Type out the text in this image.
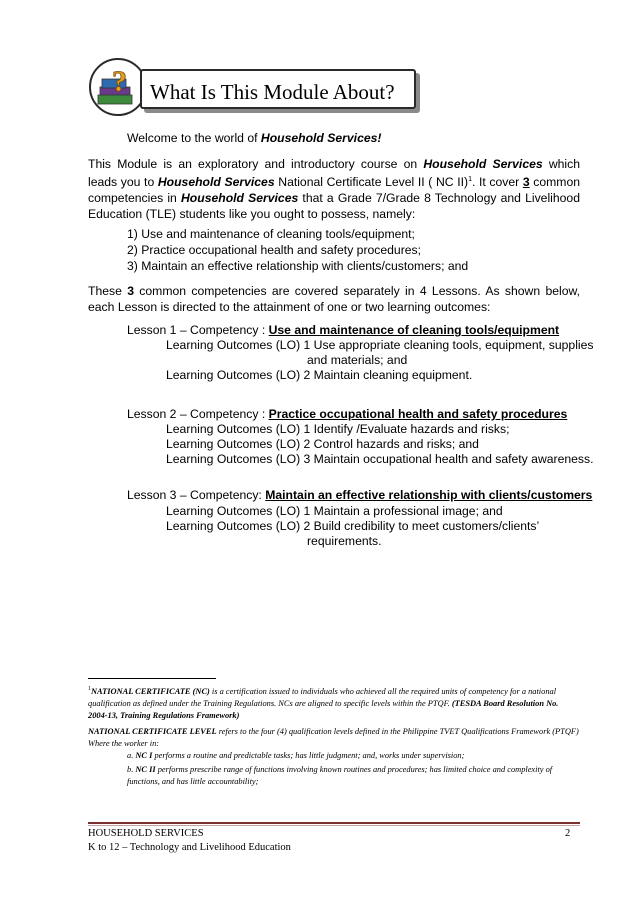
? What Is This Module About?
Welcome to the world of Household Services!
This Module is an exploratory and introductory course on Household Services which leads you to Household Services National Certificate Level II ( NC II)$^1$. It cover 3 common competencies in Household Services that a Grade 7/Grade 8 Technology and Livelihood Education (TLE) students like you ought to possess, namely:
1) Use and maintenance of cleaning tools/equipment;
2) Practice occupational health and safety procedures;
3) Maintain an effective relationship with clients/customers; and
These 3 common competencies are covered separately in 4 Lessons. As shown below, each Lesson is directed to the attainment of one or two learning outcomes:
Lesson 1 – Competency : Use and maintenance of cleaning tools/equipment
Learning Outcomes (LO) 1 Use appropriate cleaning tools, equipment, supplies
and materials; and
Learning Outcomes (LO) 2 Maintain cleaning equipment.
Lesson 2 – Competency : Practice occupational health and safety procedures
Learning Outcomes (LO) 1 Identify /Evaluate hazards and risks;
Learning Outcomes (LO) 2 Control hazards and risks; and
Learning Outcomes (LO) 3 Maintain occupational health and safety awareness.
Lesson 3 – Competency: Maintain an effective relationship with clients/customers
Learning Outcomes (LO) 1 Maintain a professional image; and
Learning Outcomes (LO) 2 Build credibility to meet customers/clients’
requirements.
$^1$NATIONAL CERTIFICATE (NC) is a certification issued to individuals who achieved all the required units of competency for a national qualification as defined under the Training Regulations. NCs are aligned to specific levels within the PTQF. (TESDA Board Resolution No. 2004-13, Training Regulations Framework)
NATIONAL CERTIFICATE LEVEL refers to the four (4) qualification levels defined in the Philippine TVET Qualifications Framework (PTQF) Where the worker in:
a. NC I performs a routine and predictable tasks; has little judgment; and, works under supervision;
b. NC II performs prescribe range of functions involving known routines and procedures; has limited choice and complexity of functions, and has little accountability;
HOUSEHOLD SERVICES
K to 12 – Technology and Livelihood Education
2
